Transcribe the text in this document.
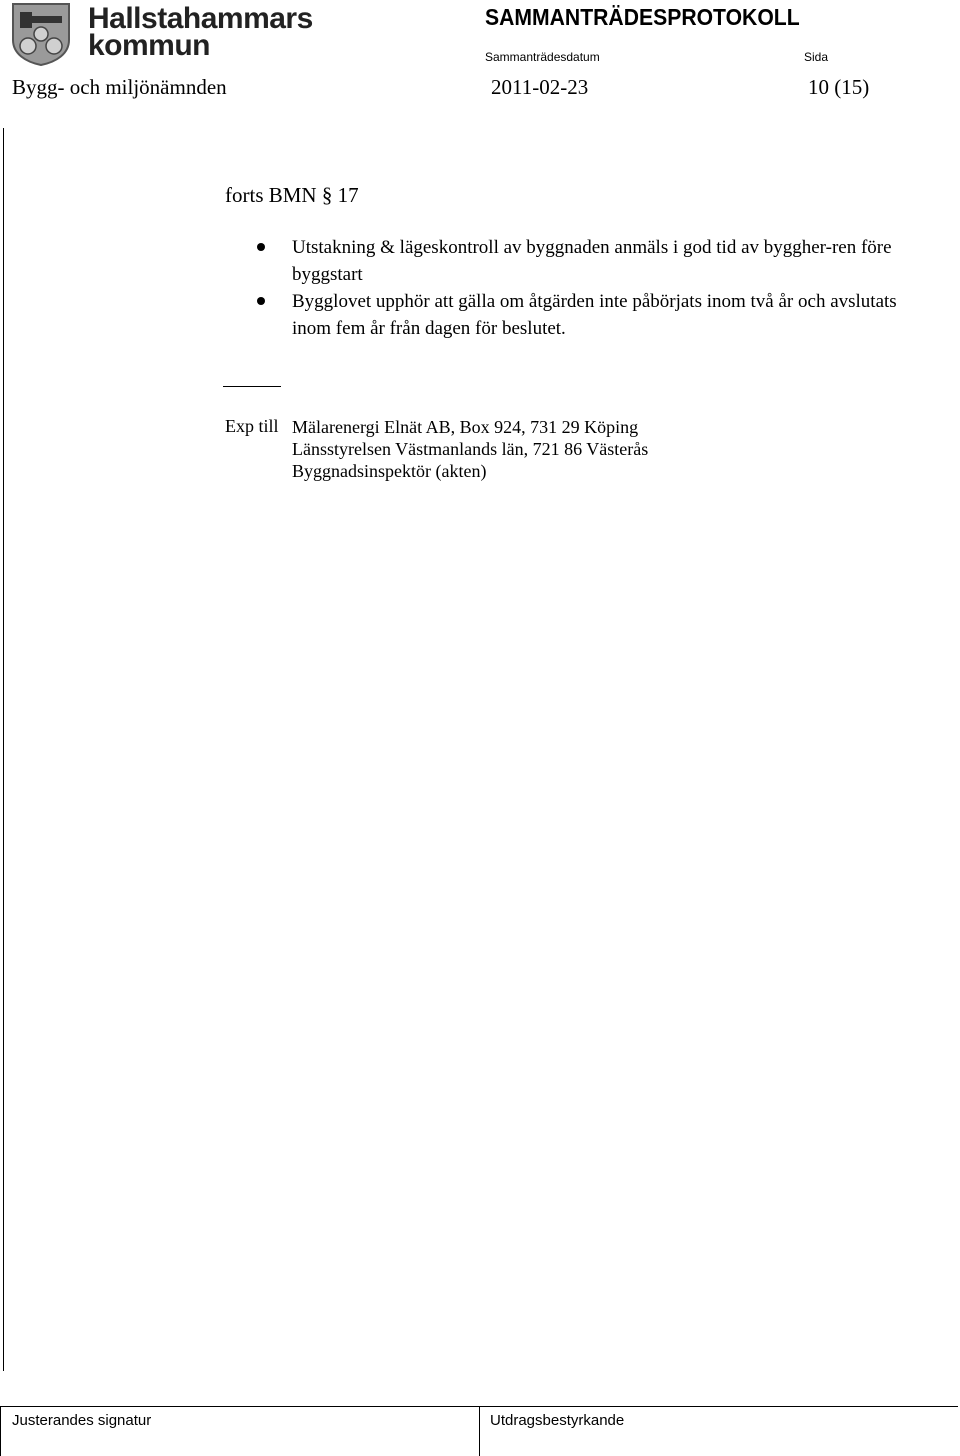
Hallstahammars
kommun
SAMMANTRÄDESPROTOKOLL
Sammanträdesdatum	Sida
Bygg- och miljönämnden	2011-02-23	10 (15)
forts BMN § 17
Utstakning & lägeskontroll av byggnaden anmäls i god tid av byggher-ren före byggstart
Bygglovet upphör att gälla om åtgärden inte påbörjats inom två år och avslutats inom fem år från dagen för beslutet.
Exp till Mälarenergi Elnät AB, Box 924, 731 29 Köping
Länsstyrelsen Västmanlands län, 721 86 Västerås
Byggnadsinspektör (akten)
Justerandes signatur	Utdragsbestyrkande
